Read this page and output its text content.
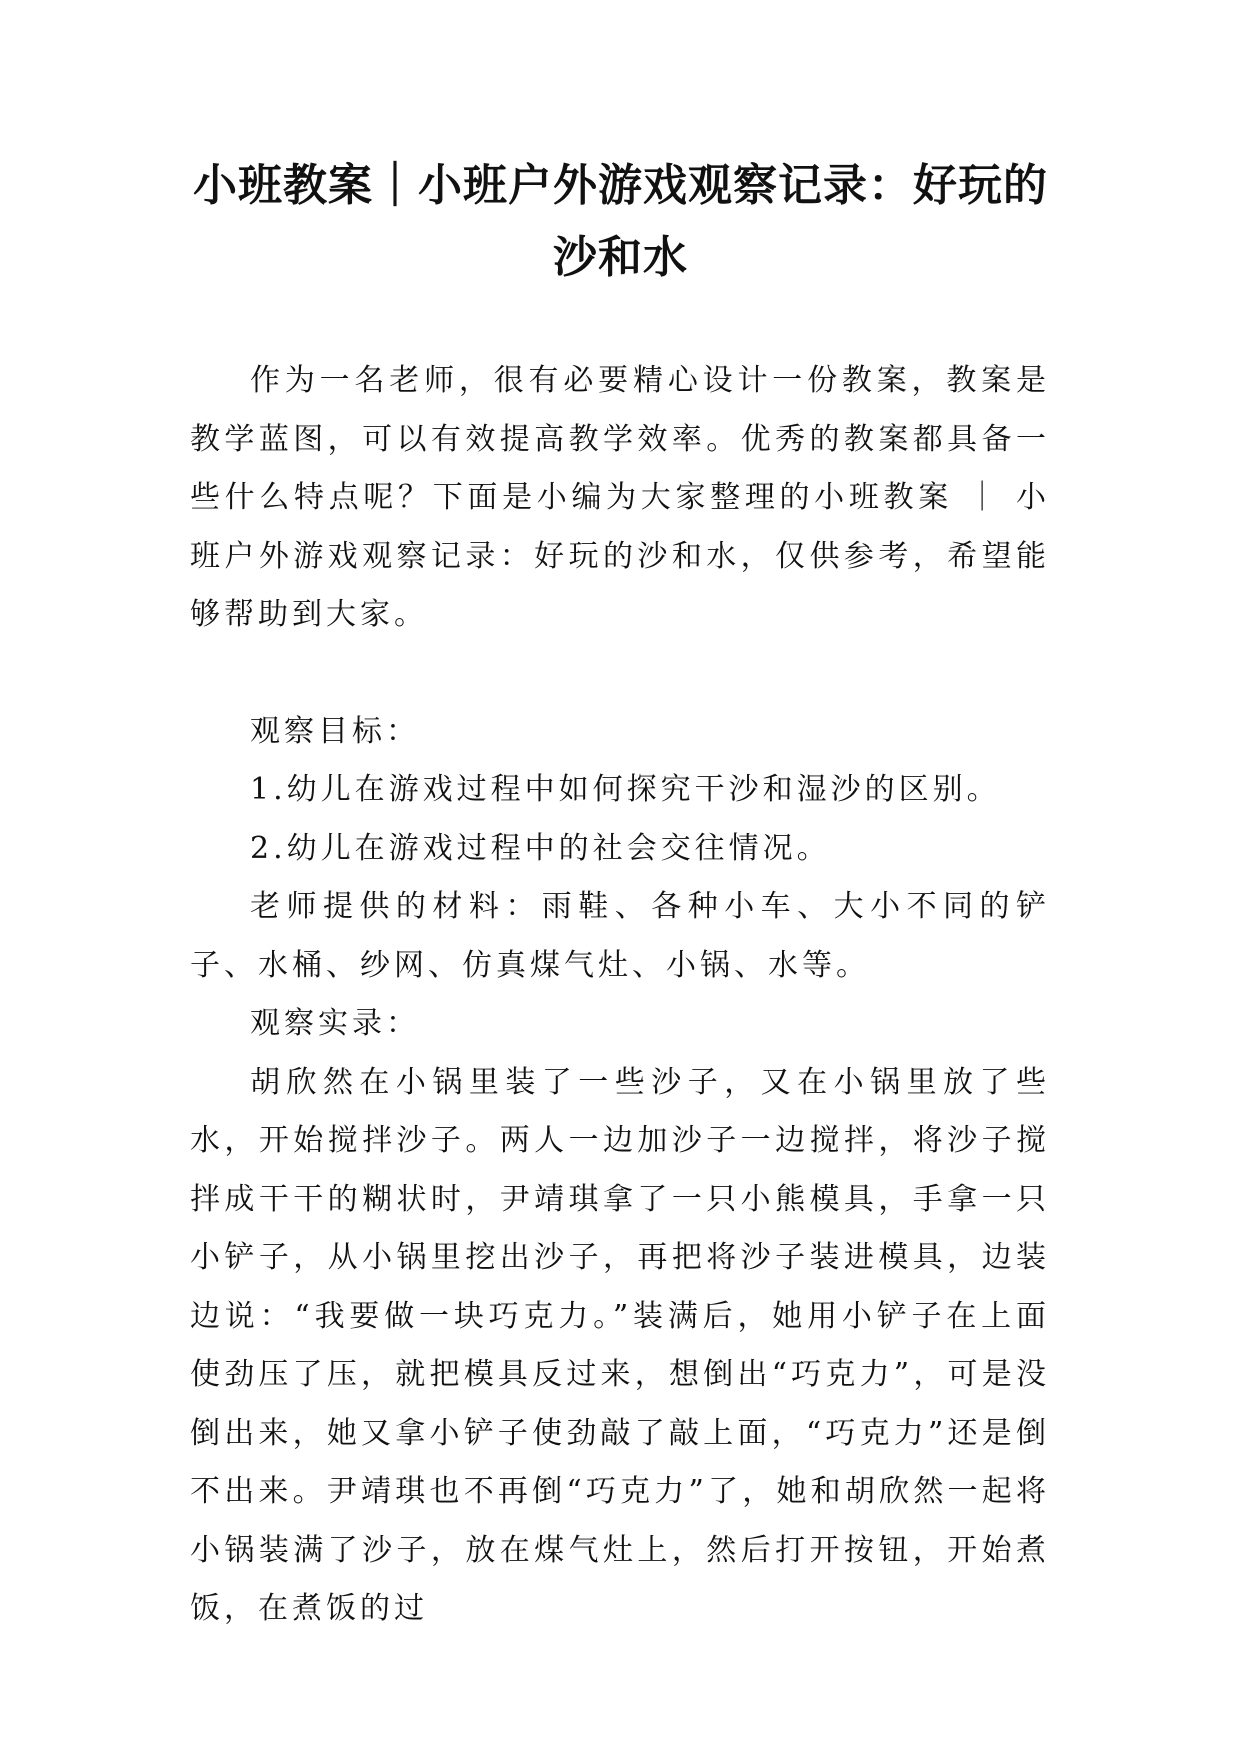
小班教案｜小班户外游戏观察记录：好玩的
沙和水

作为一名老师，很有必要精心设计一份教案，教案是教学蓝图，可以有效提高教学效率。优秀的教案都具备一些什么特点呢？下面是小编为大家整理的小班教案 ｜ 小班户外游戏观察记录：好玩的沙和水，仅供参考，希望能够帮助到大家。

观察目标：

1.幼儿在游戏过程中如何探究干沙和湿沙的区别。

2.幼儿在游戏过程中的社会交往情况。

老师提供的材料：雨鞋、各种小车、大小不同的铲子、水桶、纱网、仿真煤气灶、小锅、水等。

观察实录：

胡欣然在小锅里装了一些沙子，又在小锅里放了些水，开始搅拌沙子。两人一边加沙子一边搅拌，将沙子搅拌成干干的糊状时，尹靖琪拿了一只小熊模具，手拿一只小铲子，从小锅里挖出沙子，再把将沙子装进模具，边装边说：“我要做一块巧克力。”装满后，她用小铲子在上面使劲压了压，就把模具反过来，想倒出“巧克力”，可是没倒出来，她又拿小铲子使劲敲了敲上面，“巧克力”还是倒不出来。尹靖琪也不再倒“巧克力”了，她和胡欣然一起将小锅装满了沙子，放在煤气灶上，然后打开按钮，开始煮饭，在煮饭的过
